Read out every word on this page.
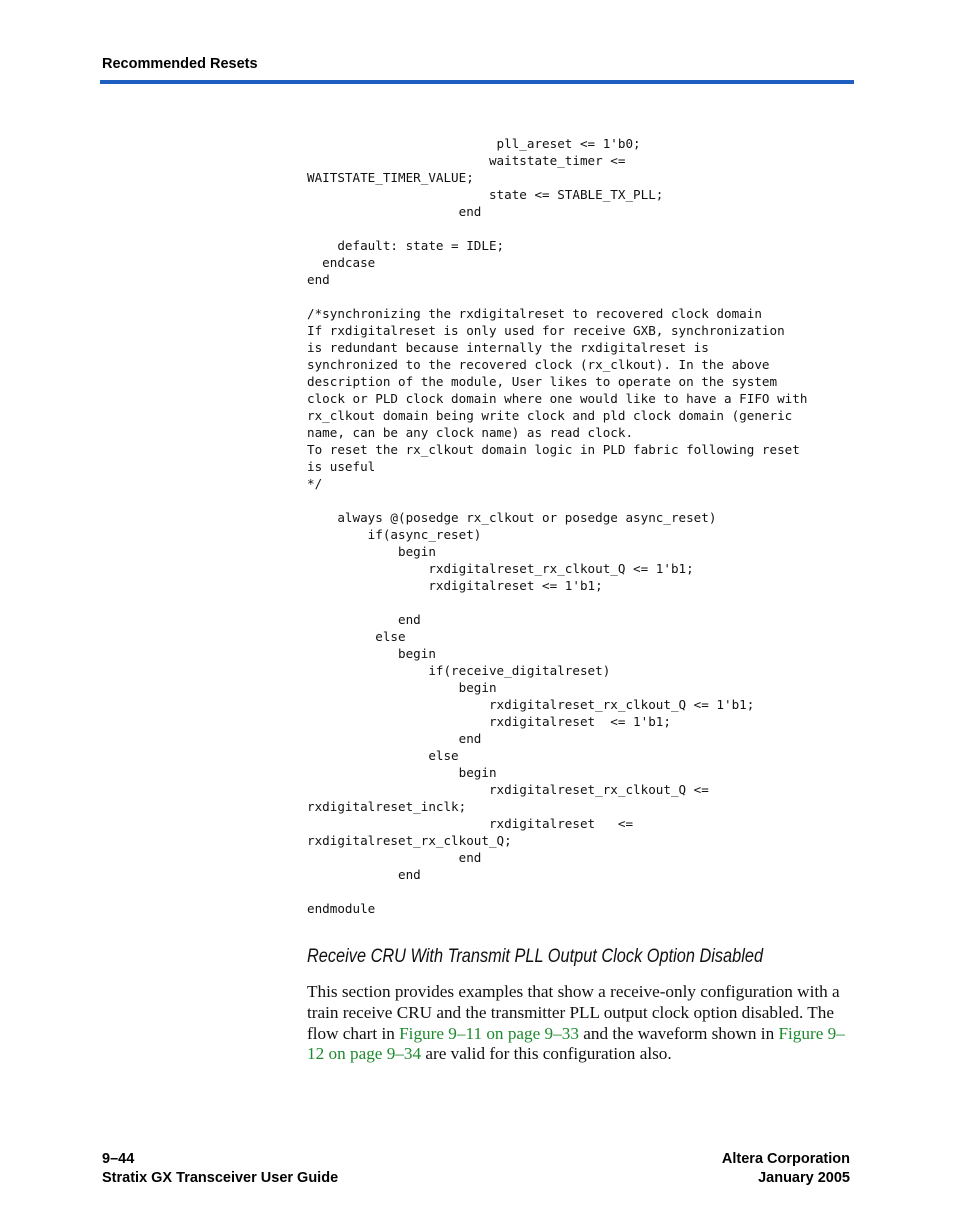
Recommended Resets
pll_areset <= 1'b0;
waitstate_timer <=
WAITSTATE_TIMER_VALUE;
state <= STABLE_TX_PLL;
end

default: state = IDLE;
endcase
end

/*synchronizing the rxdigitalreset to recovered clock domain
If rxdigitalreset is only used for receive GXB, synchronization
is redundant because internally the rxdigitalreset is
synchronized to the recovered clock (rx_clkout). In the above
description of the module, User likes to operate on the system
clock or PLD clock domain where one would like to have a FIFO with
rx_clkout domain being write clock and pld clock domain (generic
name, can be any clock name) as read clock.
To reset the rx_clkout domain logic in PLD fabric following reset
is useful
*/

always @(posedge rx_clkout or posedge async_reset)
if(async_reset)
begin
rxdigitalreset_rx_clkout_Q <= 1'b1;
rxdigitalreset <= 1'b1;

end
else
begin
if(receive_digitalreset)
begin
rxdigitalreset_rx_clkout_Q <= 1'b1;
rxdigitalreset  <= 1'b1;
end
else
begin
rxdigitalreset_rx_clkout_Q <=
rxdigitalreset_inclk;
rxdigitalreset   <=
rxdigitalreset_rx_clkout_Q;
end
end

endmodule
Receive CRU With Transmit PLL Output Clock Option Disabled

This section provides examples that show a receive-only configuration with a train receive CRU and the transmitter PLL output clock option disabled. The flow chart in Figure 9–11 on page 9–33 and the waveform shown in Figure 9–12 on page 9–34 are valid for this configuration also.

9–44
Stratix GX Transceiver User Guide
Altera Corporation
January 2005
